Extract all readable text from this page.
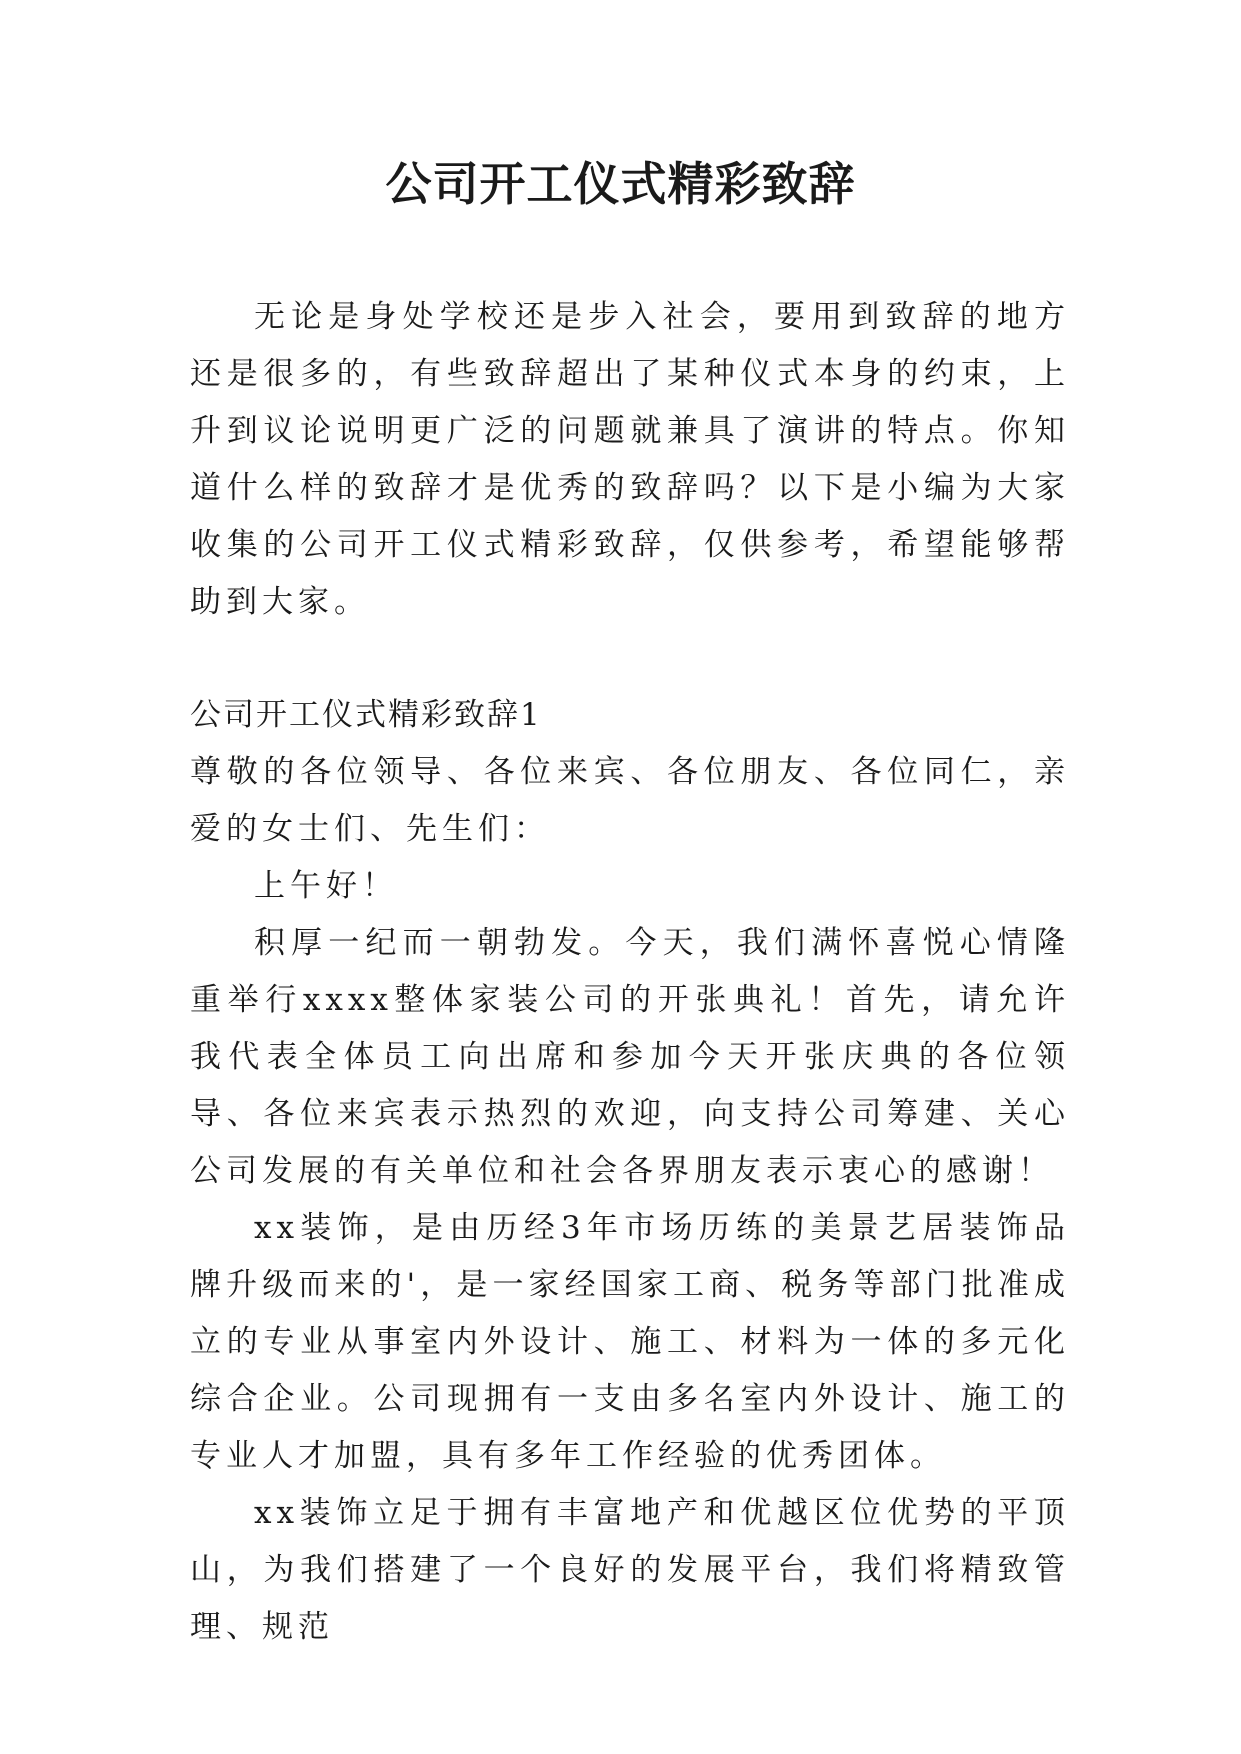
公司开工仪式精彩致辞

无论是身处学校还是步入社会，要用到致辞的地方还是很多的，有些致辞超出了某种仪式本身的约束，上升到议论说明更广泛的问题就兼具了演讲的特点。你知道什么样的致辞才是优秀的致辞吗？以下是小编为大家收集的公司开工仪式精彩致辞，仅供参考，希望能够帮助到大家。

公司开工仪式精彩致辞1

尊敬的各位领导、各位来宾、各位朋友、各位同仁，亲爱的女士们、先生们：

上午好！

积厚一纪而一朝勃发。今天，我们满怀喜悦心情隆重举行xxxx整体家装公司的开张典礼！首先，请允许我代表全体员工向出席和参加今天开张庆典的各位领导、各位来宾表示热烈的欢迎，向支持公司筹建、关心公司发展的有关单位和社会各界朋友表示衷心的感谢！

xx装饰，是由历经3年市场历练的美景艺居装饰品牌升级而来的'，是一家经国家工商、税务等部门批准成立的专业从事室内外设计、施工、材料为一体的多元化综合企业。公司现拥有一支由多名室内外设计、施工的专业人才加盟，具有多年工作经验的优秀团体。

xx装饰立足于拥有丰富地产和优越区位优势的平顶山，为我们搭建了一个良好的发展平台，我们将精致管理、规范
